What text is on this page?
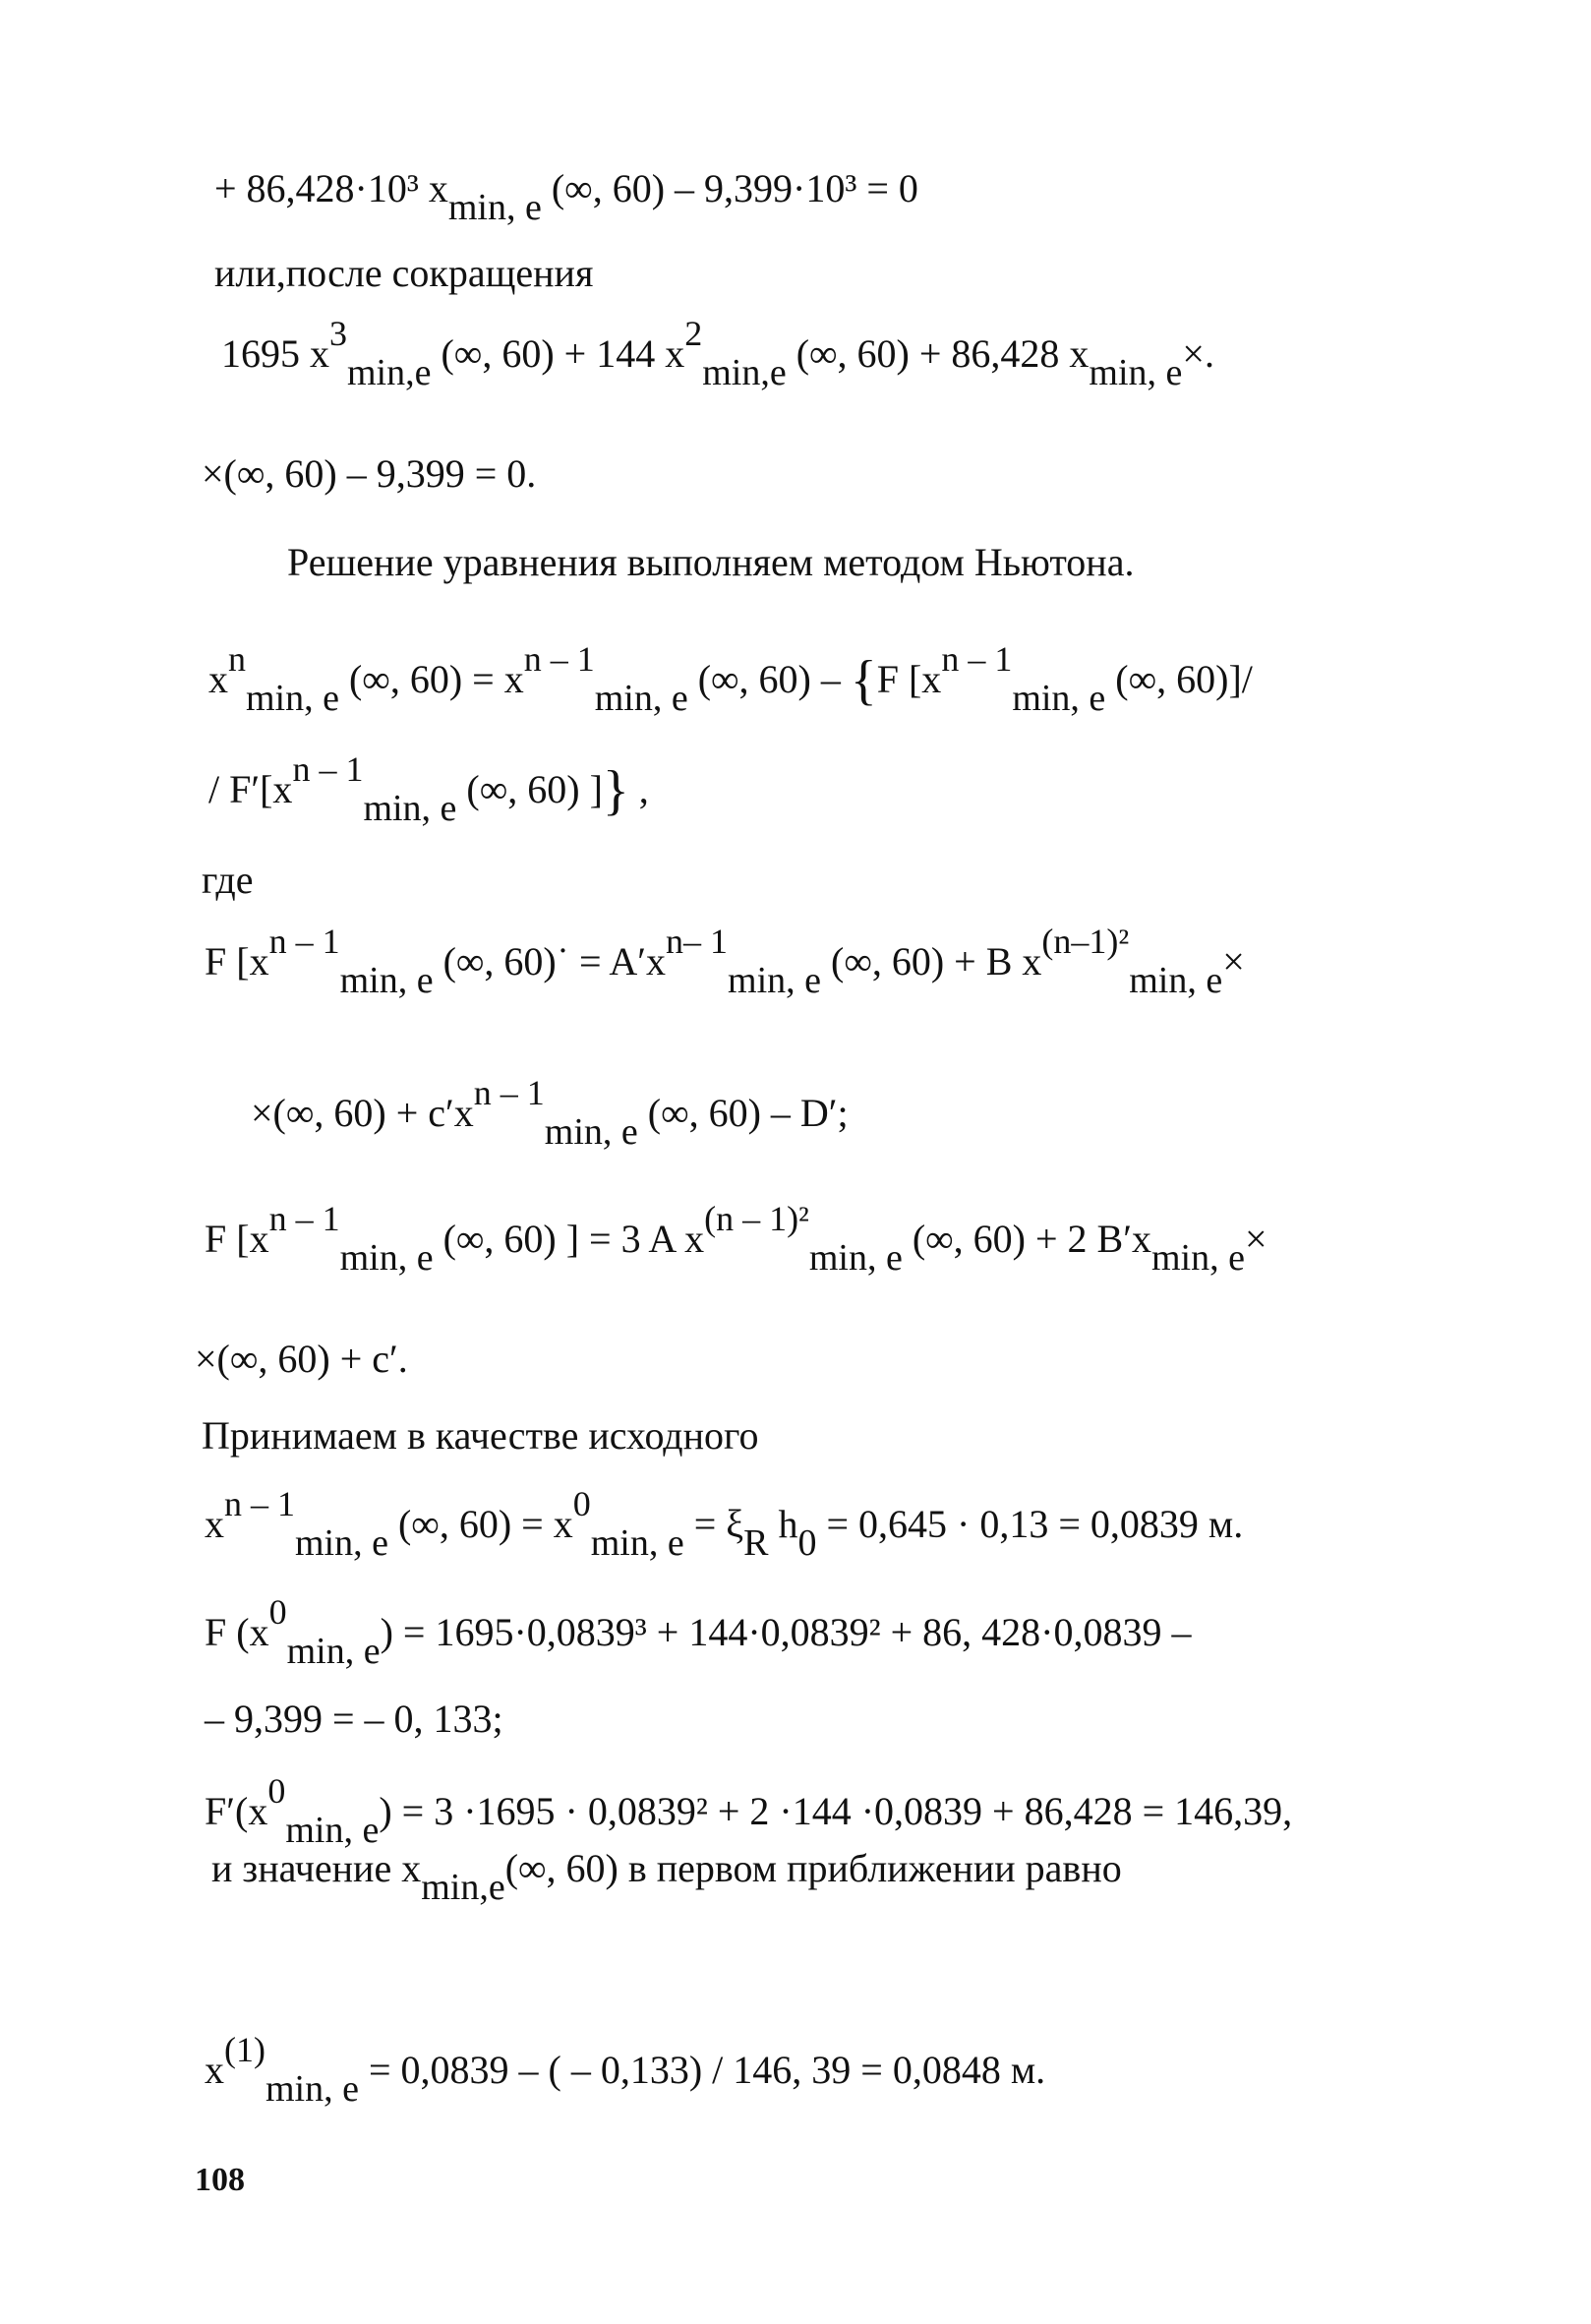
+ 86,428·10³ xmin, e (∞, 60) – 9,399·10³ = 0
или,после сокращения
1695 x3min,e (∞, 60) + 144 x2min,e (∞, 60) + 86,428 xmin, e×.
×(∞, 60) – 9,399 = 0.
Решение уравнения выполняем методом Ньютона.
xnmin, e (∞, 60) = xn – 1min, e (∞, 60) – {F [xn – 1min, e (∞, 60)]/
/ F′[xn – 1min, e (∞, 60) ]} ,
где
F [xn – 1min, e (∞, 60)˙ = A′xn– 1min, e (∞, 60) + B x(n–1)²min, e×
×(∞, 60) + c′xn – 1min, e (∞, 60) – D′;
F [xn – 1min, e (∞, 60) ] = 3 A x(n – 1)²min, e (∞, 60) + 2 B′xmin, e×
×(∞, 60) + c′.
Принимаем в качестве исходного
xn – 1min, e (∞, 60) = x0min, e = ξR h0 = 0,645 · 0,13 = 0,0839 м.
F (x0min, e) = 1695·0,0839³ + 144·0,0839² + 86, 428·0,0839 –
– 9,399 = – 0, 133;
F′(x0min, e) = 3 ·1695 · 0,0839² + 2 ·144 ·0,0839 + 86,428 = 146,39,
и значение xmin,e(∞, 60) в первом приближении равно
x(1)min, e = 0,0839 – ( – 0,133) / 146, 39 = 0,0848 м.
108
